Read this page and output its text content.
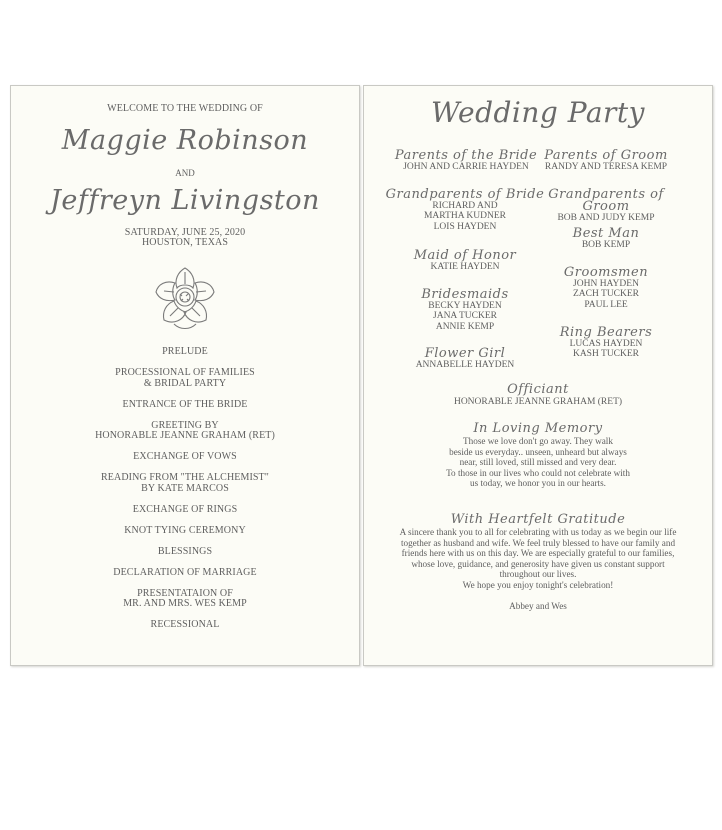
WELCOME TO THE WEDDING OF
Maggie Robinson
AND
Jeffreyn Livingston
SATURDAY, JUNE 25, 2020
HOUSTON, TEXAS
PRELUDE
PROCESSIONAL OF FAMILIES
& BRIDAL PARTY
ENTRANCE OF THE BRIDE
GREETING BY
HONORABLE JEANNE GRAHAM (RET)
EXCHANGE OF VOWS
READING FROM "THE ALCHEMIST"
BY KATE MARCOS
EXCHANGE OF RINGS
KNOT TYING CEREMONY
BLESSINGS
DECLARATION OF MARRIAGE
PRESENTATAION OF
MR. AND MRS. WES KEMP
RECESSIONAL
Wedding Party
Parents of the Bride
JOHN AND CARRIE HAYDEN
Parents of Groom
RANDY AND TERESA KEMP
Grandparents of Bride
RICHARD AND
MARTHA KUDNER
LOIS HAYDEN
Grandparents of Groom
BOB AND JUDY KEMP
Best Man
BOB KEMP
Maid of Honor
KATIE HAYDEN	Groomsmen
JOHN HAYDEN
ZACH TUCKER
PAUL LEE
Bridesmaids
BECKY HAYDEN
JANA TUCKER
ANNIE KEMP	Ring Bearers
LUCAS HAYDEN
KASH TUCKER
Flower Girl
ANNABELLE HAYDEN
Officiant
HONORABLE JEANNE GRAHAM (RET)
In Loving Memory
Those we love don't go away. They walk
beside us everyday.. unseen, unheard but always
near, still loved, still missed and very dear.
To those in our lives who could not celebrate with
us today, we honor you in our hearts.
With Heartfelt Gratitude
A sincere thank you to all for celebrating with us today as we begin our life
together as husband and wife. We feel truly blessed to have our family and
friends here with us on this day. We are especially grateful to our families,
whose love, guidance, and generosity have given us constant support
throughout our lives.
We hope you enjoy tonight's celebration!
Abbey and Wes
